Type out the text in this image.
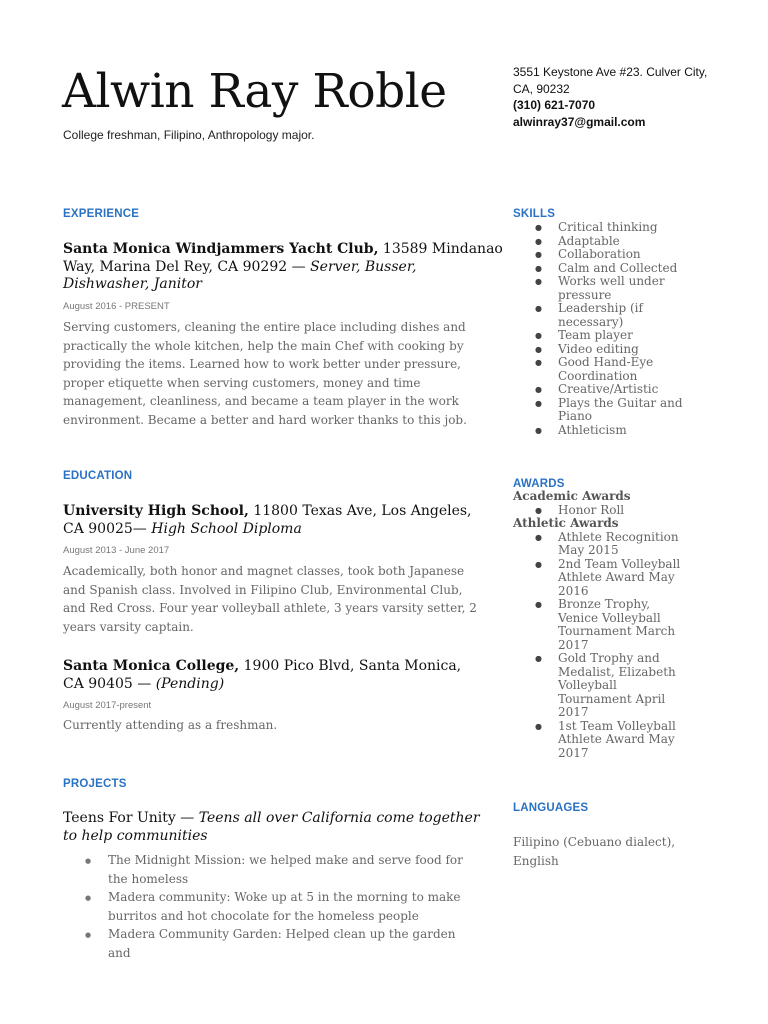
Alwin Ray Roble
College freshman, Filipino, Anthropology major.
3551 Keystone Ave #23. Culver City, CA, 90232
(310) 621-7070
alwinray37@gmail.com
EXPERIENCE
Santa Monica Windjammers Yacht Club, 13589 Mindanao Way, Marina Del Rey, CA 90292 — Server, Busser, Dishwasher, Janitor
August 2016 - PRESENT
Serving customers, cleaning the entire place including dishes and practically the whole kitchen, help the main Chef with cooking by providing the items. Learned how to work better under pressure, proper etiquette when serving customers, money and time management, cleanliness, and became a team player in the work environment. Became a better and hard worker thanks to this job.
EDUCATION
University High School, 11800 Texas Ave, Los Angeles, CA 90025— High School Diploma
August 2013 - June 2017
Academically, both honor and magnet classes, took both Japanese and Spanish class. Involved in Filipino Club, Environmental Club, and Red Cross. Four year volleyball athlete, 3 years varsity setter, 2 years varsity captain.
Santa Monica College, 1900 Pico Blvd, Santa Monica, CA 90405 — (Pending)
August 2017-present
Currently attending as a freshman.
PROJECTS
Teens For Unity — Teens all over California come together to help communities
● The Midnight Mission: we helped make and serve food for the homeless
● Madera community: Woke up at 5 in the morning to make burritos and hot chocolate for the homeless people
● Madera Community Garden: Helped clean up the garden and
SKILLS
● Critical thinking
● Adaptable
● Collaboration
● Calm and Collected
● Works well under pressure
● Leadership (if necessary)
● Team player
● Video editing
● Good Hand-Eye Coordination
● Creative/Artistic
● Plays the Guitar and Piano
● Athleticism
AWARDS
Academic Awards
● Honor Roll
Athletic Awards
● Athlete Recognition May 2015
● 2nd Team Volleyball Athlete Award May 2016
● Bronze Trophy, Venice Volleyball Tournament March 2017
● Gold Trophy and Medalist, Elizabeth Volleyball Tournament April 2017
● 1st Team Volleyball Athlete Award May 2017
LANGUAGES
Filipino (Cebuano dialect), English
